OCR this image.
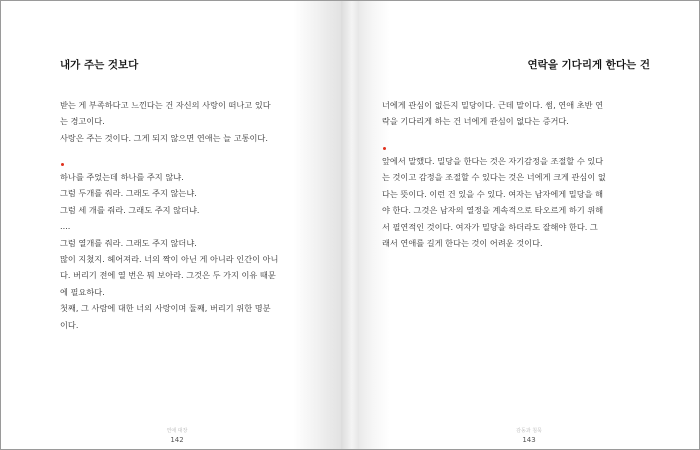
내가 주는 것보다

받는 게 부족하다고 느낀다는 건 자신의 사랑이 떠나고 있다

는 경고이다.

사랑은 주는 것이다. 그게 되지 않으면 연애는 늘 고통이다.

하나를 주었는데 하나를 주지 않냐.

그럼 두개를 줘라. 그래도 주지 않는냐.

그럼 세 개를 줘라. 그래도 주지 않더냐.

....

그럼 열개를 줘라. 그래도 주지 않더냐.

많이 지쳤지. 헤어져라. 너의 짝이 아닌 게 아니라 인간이 아니

다. 버리기 전에 열 번은 뭐 보아라. 그것은 두 가지 이유 때문

에 필요하다.

첫째, 그 사람에 대한 너의 사랑이며 둘째, 버리기 위한 명분

이다.

연애 대장
142
연락을 기다리게 한다는 건

너에게 관심이 없든지 밀당이다. 근데 말이다. 썸, 연애 초반 연

락을 기다리게 하는 건 너에게 관심이 없다는 증거다.

앞에서 말했다. 밀당을 한다는 것은 자기감정을 조절할 수 있다

는 것이고 감정을 조절할 수 있다는 것은 너에게 크게 관심이 없

다는 뜻이다. 이런 건 있을 수 있다. 여자는 남자에게 밀당을 해

야 한다. 그것은 남자의 열정을 계속적으로 타오르게 하기 위해

서 필연적인 것이다. 여자가 밀당을 하더라도 잘해야 한다. 그

래서 연애를 길게 한다는 것이 어려운 것이다.

감동과 침묵
143
